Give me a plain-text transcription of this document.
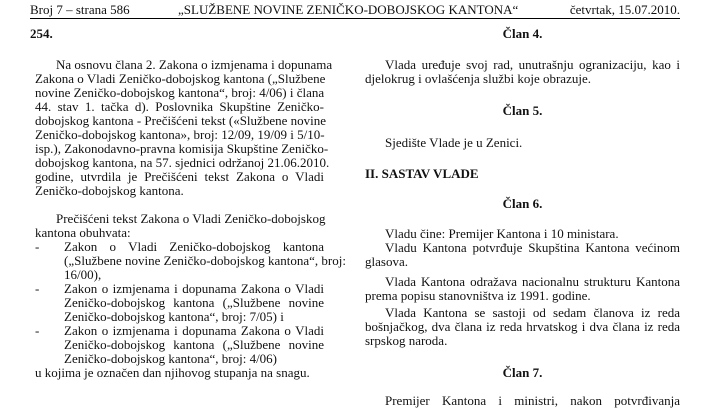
Broj 7 – strana 586	„SLUŽBENE NOVINE ZENIČKO-DOBOJSKOG KANTONA“	četvrtak, 15.07.2010.
254.
Na osnovu člana 2. Zakona o izmjenama i dopunama
Zakona o Vladi Zeničko-dobojskog kantona („Službene
novine Zeničko-dobojskog kantona“, broj: 4/06) i člana
44. stav 1. tačka d). Poslovnika Skupštine Zeničko-
dobojskog kantona - Prečišćeni tekst («Službene novine
Zeničko-dobojskog kantona», broj: 12/09, 19/09 i 5/10-
isp.), Zakonodavno-pravna komisija Skupštine Zeničko-
dobojskog kantona, na 57. sjednici održanoj 21.06.2010.
godine, utvrdila je Prečišćeni tekst Zakona o Vladi
Zeničko-dobojskog kantona.
Prečišćeni tekst Zakona o Vladi Zeničko-dobojskog
kantona obuhvata:
- Zakon o Vladi Zeničko-dobojskog kantona
(„Službene novine Zeničko-dobojskog kantona“, broj:
16/00),
- Zakon o izmjenama i dopunama Zakona o Vladi
Zeničko-dobojskog kantona („Službene novine
Zeničko-dobojskog kantona“, broj: 7/05) i
- Zakon o izmjenama i dopunama Zakona o Vladi
Zeničko-dobojskog kantona („Službene novine
Zeničko-dobojskog kantona“, broj: 4/06)
u kojima je označen dan njihovog stupanja na snagu.
Član 4.
Vlada uređuje svoj rad, unutrašnju ogranizaciju, kao i
djelokrug i ovlašćenja službi koje obrazuje.
Član 5.
Sjedište Vlade je u Zenici.
II. SASTAV VLADE
Član 6.
Vladu čine: Premijer Kantona i 10 ministara.
Vladu Kantona potvrđuje Skupština Kantona većinom
glasova.
Vlada Kantona odražava nacionalnu strukturu Kantona
prema popisu stanovništva iz 1991. godine.
Vlada Kantona se sastoji od sedam članova iz reda
bošnjačkog, dva člana iz reda hrvatskog i dva člana iz reda
srpskog naroda.
Član 7.
Premijer Kantona i ministri, nakon potvrđivanja
